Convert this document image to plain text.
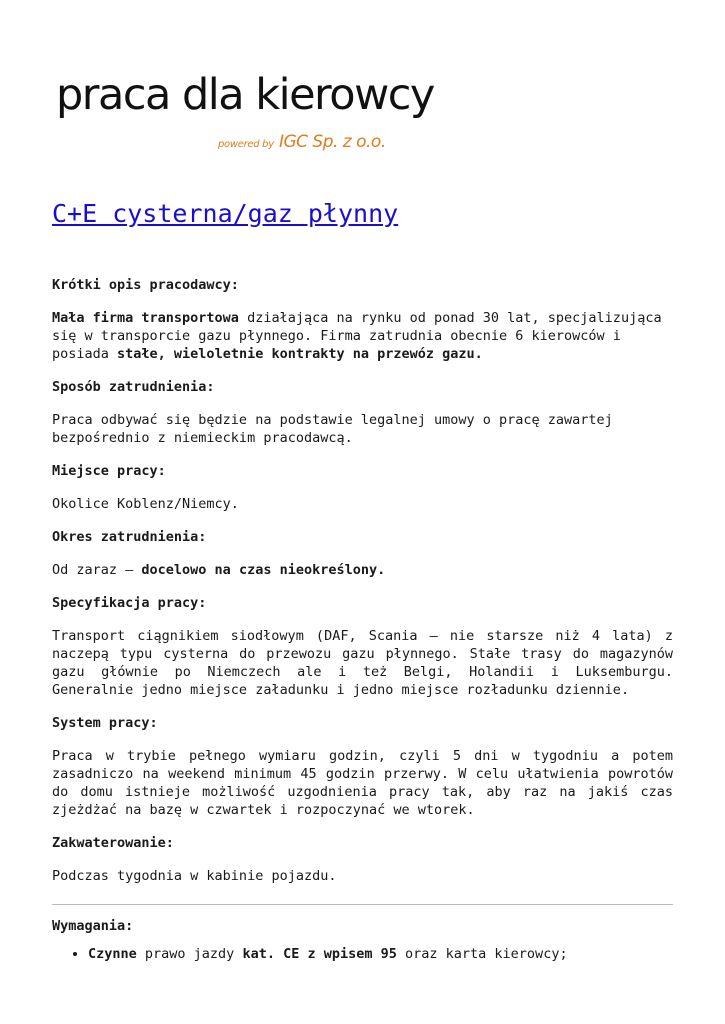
praca dla kierowcy
powered by IGC Sp. z o.o.
C+E cysterna/gaz płynny

Krótki opis pracodawcy:

Mała firma transportowa działająca na rynku od ponad 30 lat, specjalizująca się w transporcie gazu płynnego. Firma zatrudnia obecnie 6 kierowców i posiada stałe, wieloletnie kontrakty na przewóz gazu.

Sposób zatrudnienia:

Praca odbywać się będzie na podstawie legalnej umowy o pracę zawartej bezpośrednio z niemieckim pracodawcą.

Miejsce pracy:

Okolice Koblenz/Niemcy.

Okres zatrudnienia:

Od zaraz – docelowo na czas nieokreślony.

Specyfikacja pracy:

Transport ciągnikiem siodłowym (DAF, Scania – nie starsze niż 4 lata) z naczepą typu cysterna do przewozu gazu płynnego. Stałe trasy do magazynów gazu głównie po Niemczech ale i też Belgi, Holandii i Luksemburgu. Generalnie jedno miejsce załadunku i jedno miejsce rozładunku dziennie.

System pracy:

Praca w trybie pełnego wymiaru godzin, czyli 5 dni w tygodniu a potem zasadniczo na weekend minimum 45 godzin przerwy. W celu ułatwienia powrotów do domu istnieje możliwość uzgodnienia pracy tak, aby raz na jakiś czas zjeżdżać na bazę w czwartek i rozpoczynać we wtorek.

Zakwaterowanie:

Podczas tygodnia w kabinie pojazdu.

Wymagania:

• Czynne prawo jazdy kat. CE z wpisem 95 oraz karta kierowcy;
